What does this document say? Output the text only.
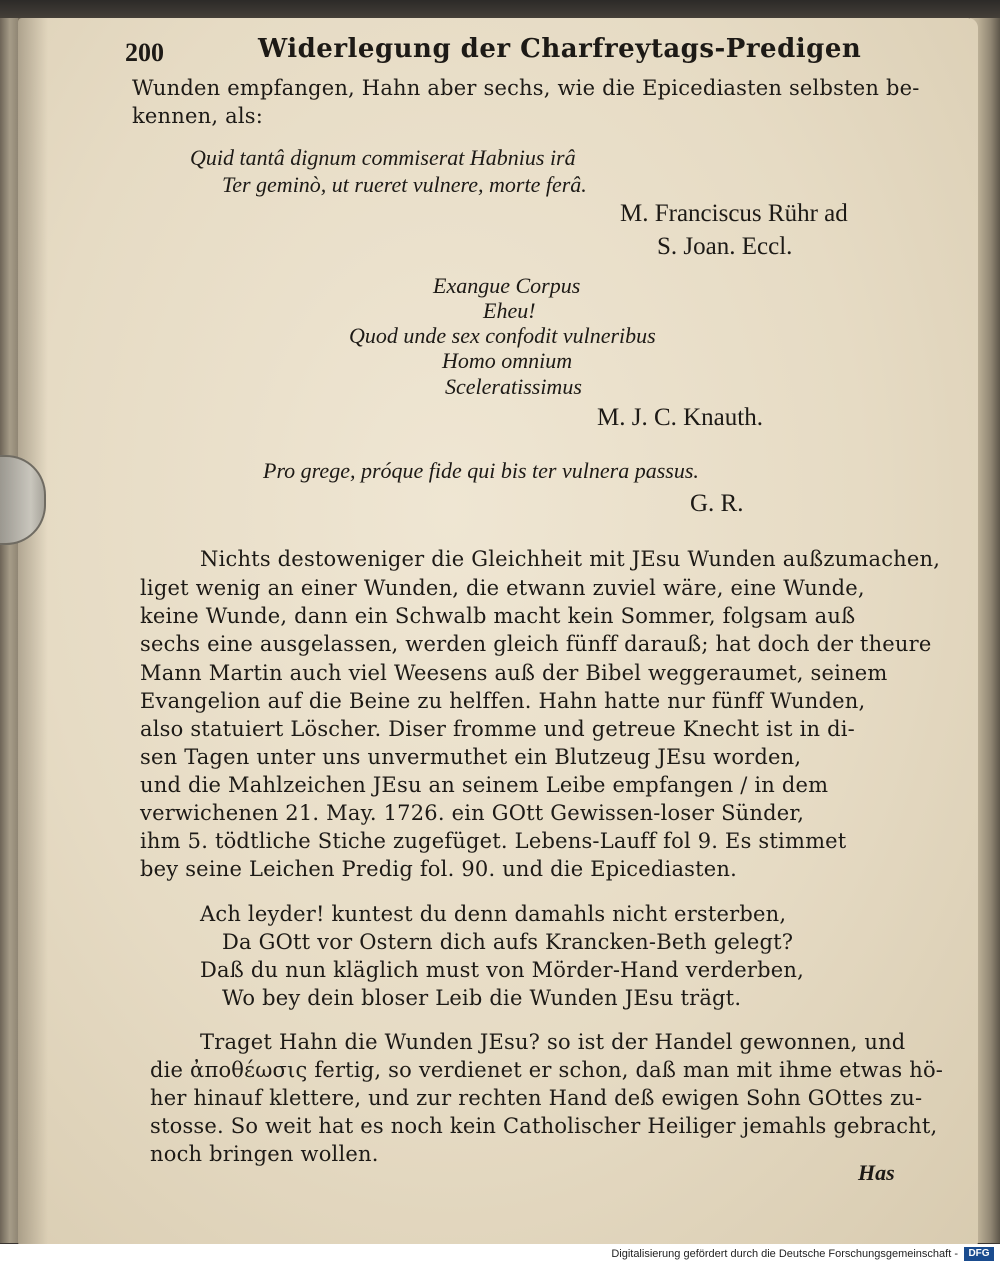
200	Widerlegung der Charfreytags-Predigen
Wunden empfangen, Hahn aber sechs, wie die Epicediasten selbsten be-
kennen, als:
Quid tantâ dignum commiserat Habnius irâ
Ter geminò, ut rueret vulnere, morte ferâ.
M. Franciscus Rühr ad
S. Joan. Eccl.
Exangue Corpus
Eheu!
Quod unde sex confodit vulneribus
Homo omnium
Sceleratissimus
M. J. C. Knauth.
Pro grege, próque fide qui bis ter vulnera passus.
G. R.
Nichts destoweniger die Gleichheit mit JEsu Wunden außzumachen,
liget wenig an einer Wunden, die etwann zuviel wäre, eine Wunde,
keine Wunde, dann ein Schwalb macht kein Sommer, folgsam auß
sechs eine ausgelassen, werden gleich fünff darauß; hat doch der theure
Mann Martin auch viel Weesens auß der Bibel weggeraumet, seinem
Evangelion auf die Beine zu helffen. Hahn hatte nur fünff Wunden,
also statuiert Löscher. Diser fromme und getreue Knecht ist in di-
sen Tagen unter uns unvermuthet ein Blutzeug JEsu worden,
und die Mahlzeichen JEsu an seinem Leibe empfangen / in dem
verwichenen 21. May. 1726. ein GOtt Gewissen-loser Sünder,
ihm 5. tödtliche Stiche zugefüget. Lebens-Lauff fol 9. Es stimmet
bey seine Leichen Predig fol. 90. und die Epicediasten.
Ach leyder! kuntest du denn damahls nicht ersterben,
Da GOtt vor Ostern dich aufs Krancken-Beth gelegt?
Daß du nun kläglich must von Mörder-Hand verderben,
Wo bey dein bloser Leib die Wunden JEsu trägt.
Traget Hahn die Wunden JEsu? so ist der Handel gewonnen, und
die ἀποθέωσις fertig, so verdienet er schon, daß man mit ihme etwas hö-
her hinauf klettere, und zur rechten Hand deß ewigen Sohn GOttes zu-
stosse. So weit hat es noch kein Catholischer Heiliger jemahls gebracht,
noch bringen wollen.
Has
Digitalisierung gefördert durch die Deutsche Forschungsgemeinschaft -	DFG
